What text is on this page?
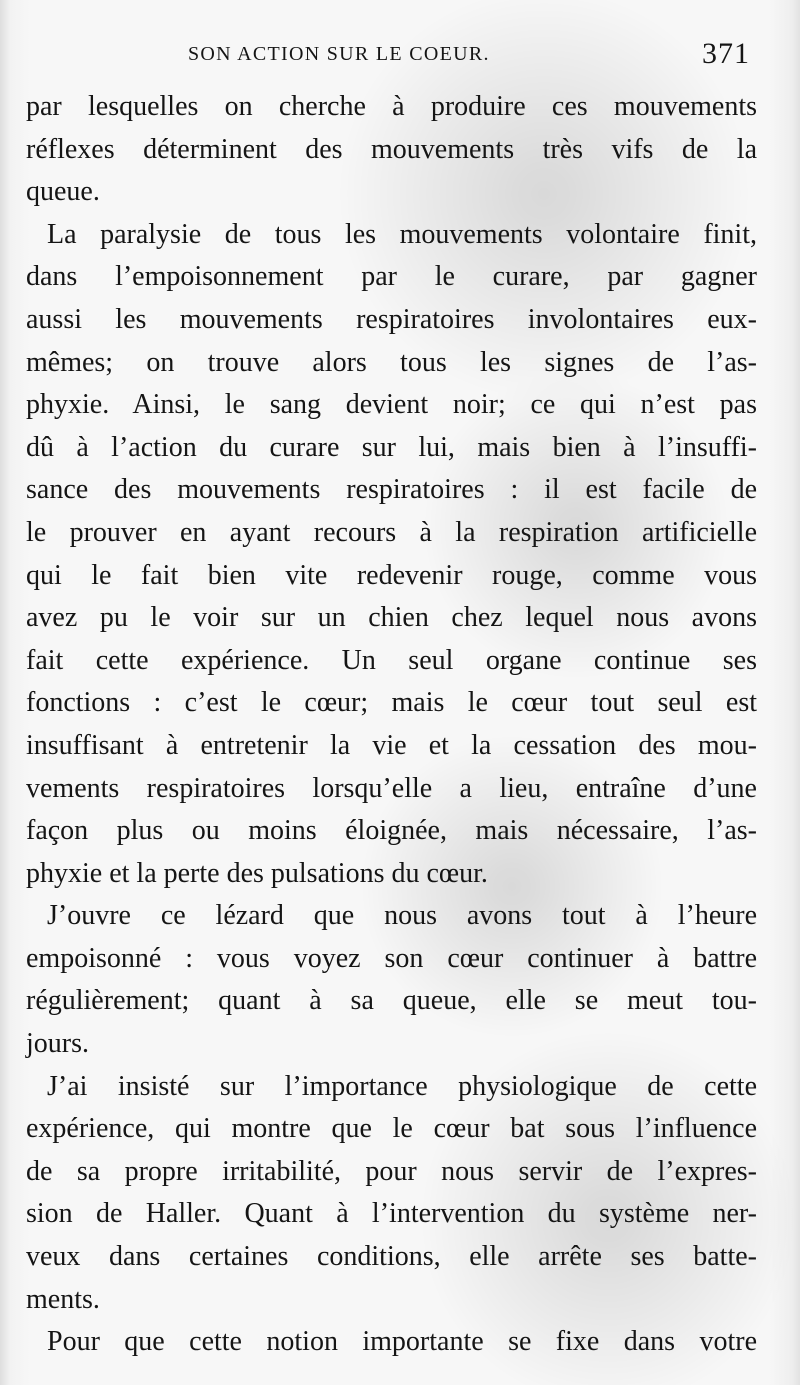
SON ACTION SUR LE COEUR.	371
par lesquelles on cherche à produire ces mouvements
réflexes déterminent des mouvements très vifs de la
queue.
La paralysie de tous les mouvements volontaire finit,
dans l’empoisonnement par le curare, par gagner
aussi les mouvements respiratoires involontaires eux-
mêmes; on trouve alors tous les signes de l’as-
phyxie. Ainsi, le sang devient noir; ce qui n’est pas
dû à l’action du curare sur lui, mais bien à l’insuffi-
sance des mouvements respiratoires : il est facile de
le prouver en ayant recours à la respiration artificielle
qui le fait bien vite redevenir rouge, comme vous
avez pu le voir sur un chien chez lequel nous avons
fait cette expérience. Un seul organe continue ses
fonctions : c’est le cœur; mais le cœur tout seul est
insuffisant à entretenir la vie et la cessation des mou-
vements respiratoires lorsqu’elle a lieu, entraîne d’une
façon plus ou moins éloignée, mais nécessaire, l’as-
phyxie et la perte des pulsations du cœur.
J’ouvre ce lézard que nous avons tout à l’heure
empoisonné : vous voyez son cœur continuer à battre
régulièrement; quant à sa queue, elle se meut tou-
jours.
J’ai insisté sur l’importance physiologique de cette
expérience, qui montre que le cœur bat sous l’influence
de sa propre irritabilité, pour nous servir de l’expres-
sion de Haller. Quant à l’intervention du système ner-
veux dans certaines conditions, elle arrête ses batte-
ments.
Pour que cette notion importante se fixe dans votre
